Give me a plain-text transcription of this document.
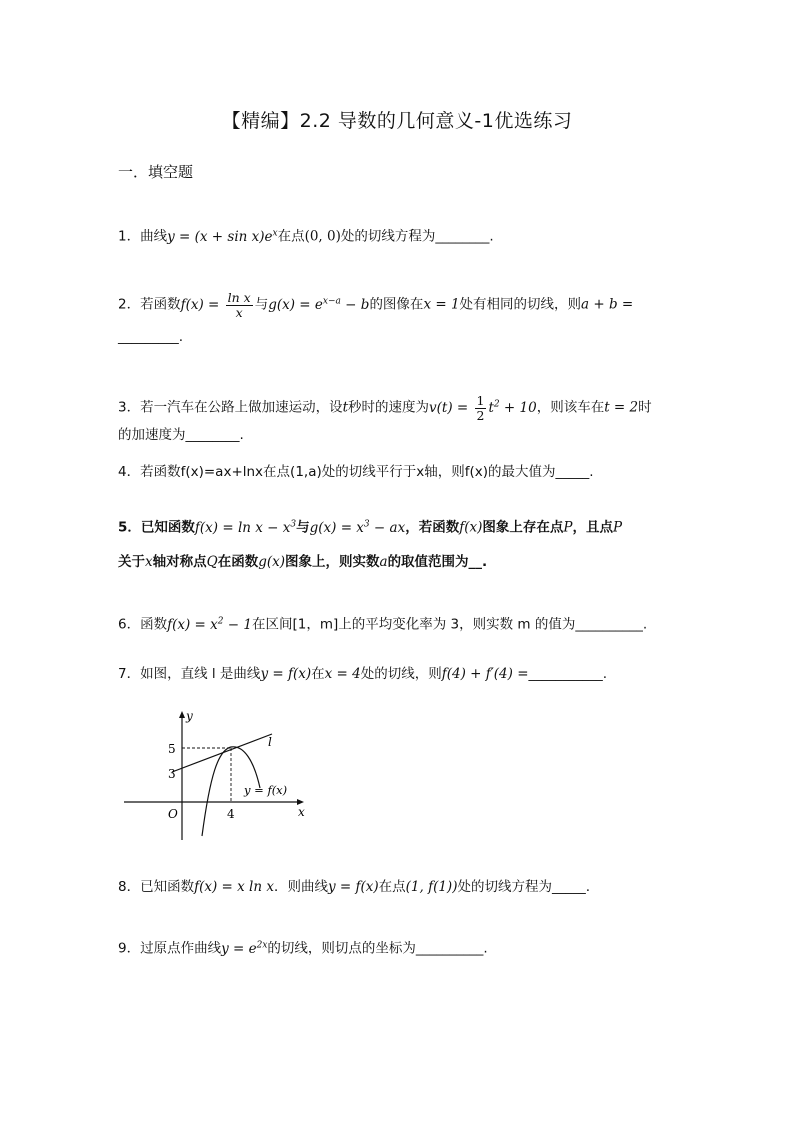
【精编】2.2 导数的几何意义-1优选练习
一．填空题
1．曲线$y = (x + \sin x)e^x$在点(0, 0)处的切线方程为________.
2．若函数$f(x) = \frac{\text{ln x}}{x}$ 与$g(x) = e^{x-a} - b$的图像在x = 1处有相同的切线，则a + b =
_________.
3．若一汽车在公路上做加速运动，设t秒时的速度为$v(t) = \frac{1}{2} t^2 + 10$，则该车在t = 2时
的加速度为________.
4．若函数f(x)=ax+lnx在点(1,a)处的切线平行于x轴，则f(x)的最大值为_____.
5．已知函数$f(x) = \ln x - x^3$与$g(x) = x^3$ − ax，若函数f(x)图象上存在点P，且点P
关于x轴对称点Q在函数g(x)图象上，则实数a的取值范围为__.
6．函数$f(x) = x^2 - 1$在区间[1，m]上的平均变化率为 3，则实数 m 的值为__________.
7．如图，直线 l 是曲线y = f(x)在x = 4处的切线，则f(4) + f′(4) =___________.
y
x
O
5
3
4
l
y = f(x)
8．已知函数f(x) = x ln x．则曲线y = f(x)在点(1, f(1))处的切线方程为_____.
9．过原点作曲线$y = e^{2x}$的切线，则切点的坐标为__________.
